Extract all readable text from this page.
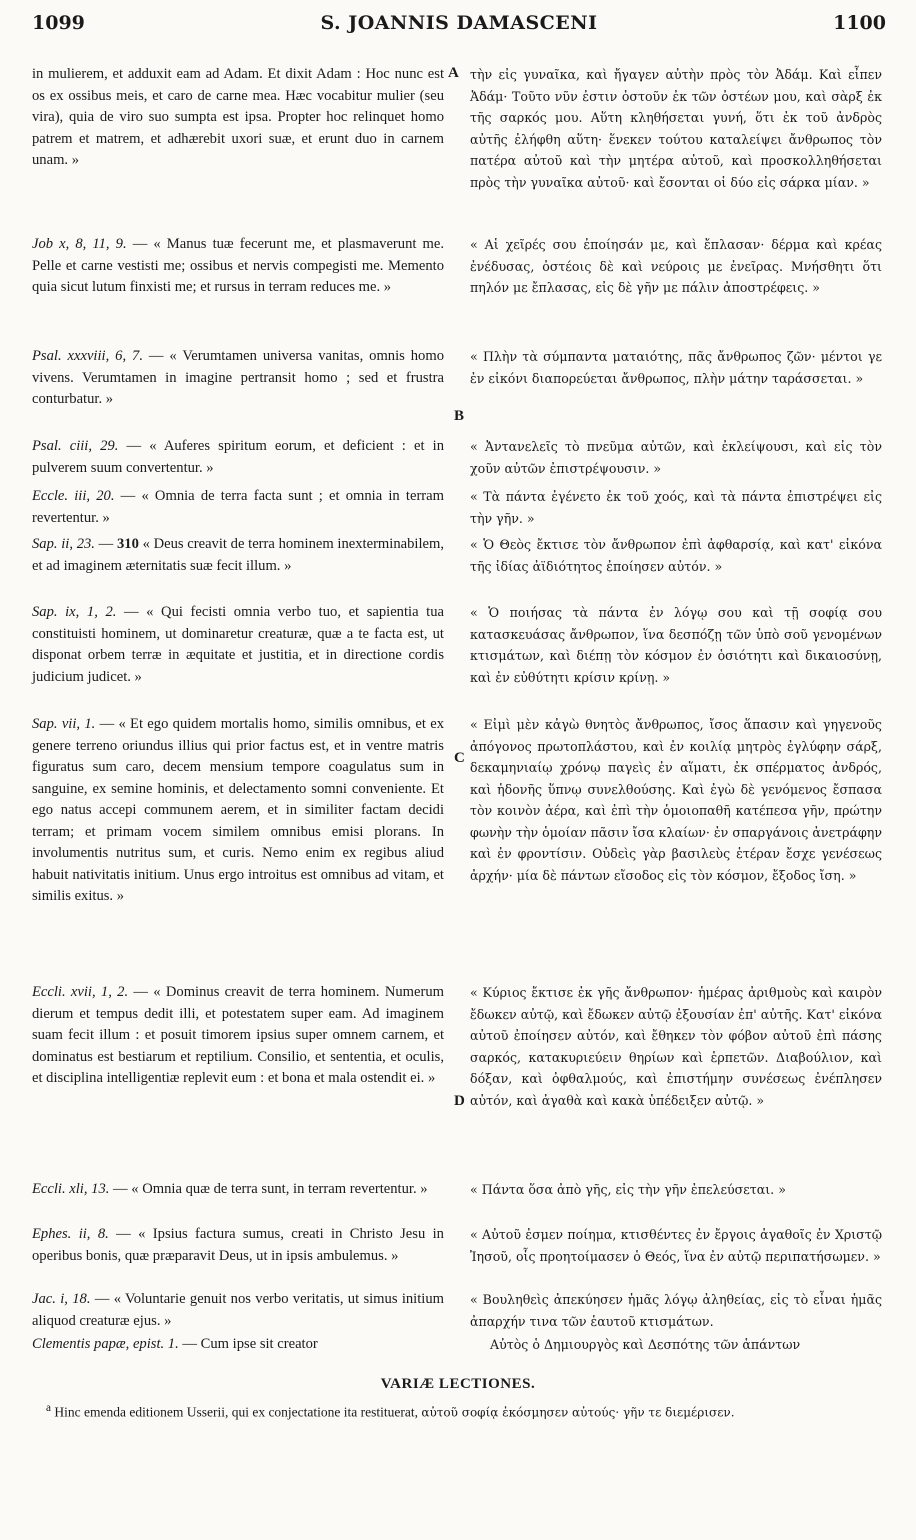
1099	S. JOANNIS DAMASCENI	1100
A
B
C
D

in mulierem, et adduxit eam ad Adam. Et dixit Adam : Hoc nunc est os ex ossibus meis, et caro de carne mea. Hæc vocabitur mulier (seu vira), quia de viro suo sumpta est ipsa. Propter hoc relinquet homo patrem et matrem, et adhærebit uxori suæ, et erunt duo in carnem unam. »

Job x, 8, 11, 9. — « Manus tuæ fecerunt me, et plasmaverunt me. Pelle et carne vestisti me; ossibus et nervis compegisti me. Memento quia sicut lutum finxisti me; et rursus in terram reduces me. »

Psal. xxxviii, 6, 7. — « Verumtamen universa vanitas, omnis homo vivens. Verumtamen in imagine pertransit homo ; sed et frustra conturbatur. »

Psal. ciii, 29. — « Auferes spiritum eorum, et deficient : et in pulverem suum convertentur. »

Eccle. iii, 20. — « Omnia de terra facta sunt ; et omnia in terram revertentur. »

Sap. ii, 23. — 310 « Deus creavit de terra hominem inexterminabilem, et ad imaginem æternitatis suæ fecit illum. »

Sap. ix, 1, 2. — « Qui fecisti omnia verbo tuo, et sapientia tua constituisti hominem, ut dominaretur creaturæ, quæ a te facta est, ut disponat orbem terræ in æquitate et justitia, et in directione cordis judicium judicet. »

Sap. vii, 1. — « Et ego quidem mortalis homo, similis omnibus, et ex genere terreno oriundus illius qui prior factus est, et in ventre matris figuratus sum caro, decem mensium tempore coagulatus sum in sanguine, ex semine hominis, et delectamento somni conveniente. Et ego natus accepi communem aerem, et in similiter factam decidi terram; et primam vocem similem omnibus emisi plorans. In involumentis nutritus sum, et curis. Nemo enim ex regibus aliud habuit nativitatis initium. Unus ergo introitus est omnibus ad vitam, et similis exitus. »

Eccli. xvii, 1, 2. — « Dominus creavit de terra hominem. Numerum dierum et tempus dedit illi, et potestatem super eam. Ad imaginem suam fecit illum : et posuit timorem ipsius super omnem carnem, et dominatus est bestiarum et reptilium. Consilio, et sententia, et oculis, et disciplina intelligentiæ replevit eum : et bona et mala ostendit ei. »

Eccli. xli, 13. — « Omnia quæ de terra sunt, in terram revertentur. »

Ephes. ii, 8. — « Ipsius factura sumus, creati in Christo Jesu in operibus bonis, quæ præparavit Deus, ut in ipsis ambulemus. »

Jac. i, 18. — « Voluntarie genuit nos verbo veritatis, ut simus initium aliquod creaturæ ejus. »

Clementis papæ, epist. 1. — Cum ipse sit creator

τὴν εἰς γυναῖκα, καὶ ἤγαγεν αὐτὴν πρὸς τὸν Ἀδάμ. Καὶ εἶπεν Ἀδάμ· Τοῦτο νῦν ἐστιν ὀστοῦν ἐκ τῶν ὀστέων μου, καὶ σὰρξ ἐκ τῆς σαρκός μου. Αὕτη κληθήσεται γυνή, ὅτι ἐκ τοῦ ἀνδρὸς αὐτῆς ἐλήφθη αὕτη· ἕνεκεν τούτου καταλείψει ἄνθρωπος τὸν πατέρα αὐτοῦ καὶ τὴν μητέρα αὐτοῦ, καὶ προσκολληθήσεται πρὸς τὴν γυναῖκα αὐτοῦ· καὶ ἔσονται οἱ δύο εἰς σάρκα μίαν. »

« Αἱ χεῖρές σου ἐποίησάν με, καὶ ἔπλασαν· δέρμα καὶ κρέας ἐνέδυσας, ὀστέοις δὲ καὶ νεύροις με ἐνεῖρας. Μνήσθητι ὅτι πηλόν με ἔπλασας, εἰς δὲ γῆν με πάλιν ἀποστρέφεις. »

« Πλὴν τὰ σύμπαντα ματαιότης, πᾶς ἄνθρωπος ζῶν· μέντοι γε ἐν εἰκόνι διαπορεύεται ἄνθρωπος, πλὴν μάτην ταράσσεται. »

« Ἀντανελεῖς τὸ πνεῦμα αὐτῶν, καὶ ἐκλείψουσι, καὶ εἰς τὸν χοῦν αὐτῶν ἐπιστρέψουσιν. »

« Τὰ πάντα ἐγένετο ἐκ τοῦ χοός, καὶ τὰ πάντα ἐπιστρέψει εἰς τὴν γῆν. »

« Ὁ Θεὸς ἔκτισε τὸν ἄνθρωπον ἐπὶ ἀφθαρσίᾳ, καὶ κατ' εἰκόνα τῆς ἰδίας ἀϊδιότητος ἐποίησεν αὐτόν. »

« Ὁ ποιήσας τὰ πάντα ἐν λόγῳ σου καὶ τῇ σοφίᾳ σου κατασκευάσας ἄνθρωπον, ἵνα δεσπόζῃ τῶν ὑπὸ σοῦ γενομένων κτισμάτων, καὶ διέπῃ τὸν κόσμον ἐν ὁσιότητι καὶ δικαιοσύνῃ, καὶ ἐν εὐθύτητι κρίσιν κρίνῃ. »

« Εἰμὶ μὲν κἀγὼ θνητὸς ἄνθρωπος, ἴσος ἅπασιν καὶ γηγενοῦς ἀπόγονος πρωτοπλάστου, καὶ ἐν κοιλίᾳ μητρὸς ἐγλύφην σάρξ, δεκαμηνιαίῳ χρόνῳ παγεὶς ἐν αἵματι, ἐκ σπέρματος ἀνδρός, καὶ ἡδονῆς ὕπνῳ συνελθούσης. Καὶ ἐγὼ δὲ γενόμενος ἔσπασα τὸν κοινὸν ἀέρα, καὶ ἐπὶ τὴν ὁμοιοπαθῆ κατέπεσα γῆν, πρώτην φωνὴν τὴν ὁμοίαν πᾶσιν ἴσα κλαίων· ἐν σπαργάνοις ἀνετράφην καὶ ἐν φροντίσιν. Οὐδεὶς γὰρ βασιλεὺς ἑτέραν ἔσχε γενέσεως ἀρχήν· μία δὲ πάντων εἴσοδος εἰς τὸν κόσμον, ἔξοδος ἴση. »

« Κύριος ἔκτισε ἐκ γῆς ἄνθρωπον· ἡμέρας ἀριθμοὺς καὶ καιρὸν ἔδωκεν αὐτῷ, καὶ ἔδωκεν αὐτῷ ἐξουσίαν ἐπ' αὐτῆς. Κατ' εἰκόνα αὐτοῦ ἐποίησεν αὐτόν, καὶ ἔθηκεν τὸν φόβον αὐτοῦ ἐπὶ πάσης σαρκός, κατακυριεύειν θηρίων καὶ ἑρπετῶν. Διαβούλιον, καὶ δόξαν, καὶ ὀφθαλμούς, καὶ ἐπιστήμην συνέσεως ἐνέπλησεν αὐτόν, καὶ ἀγαθὰ καὶ κακὰ ὑπέδειξεν αὐτῷ. »

« Πάντα ὅσα ἀπὸ γῆς, εἰς τὴν γῆν ἐπελεύσεται. »

« Αὐτοῦ ἐσμεν ποίημα, κτισθέντες ἐν ἔργοις ἀγαθοῖς ἐν Χριστῷ Ἰησοῦ, οἷς προητοίμασεν ὁ Θεός, ἵνα ἐν αὐτῷ περιπατήσωμεν. »

« Βουληθεὶς ἀπεκύησεν ἡμᾶς λόγῳ ἀληθείας, εἰς τὸ εἶναι ἡμᾶς ἀπαρχήν τινα τῶν ἑαυτοῦ κτισμάτων.

Αὐτὸς ὁ Δημιουργὸς καὶ Δεσπότης τῶν ἁπάντων

VARIÆ LECTIONES.
$^a$ Hinc emenda editionem Usserii, qui ex conjectatione ita restituerat, αὐτοῦ σοφίᾳ ἐκόσμησεν αὐτούς· γῆν τε διεμέρισεν.
